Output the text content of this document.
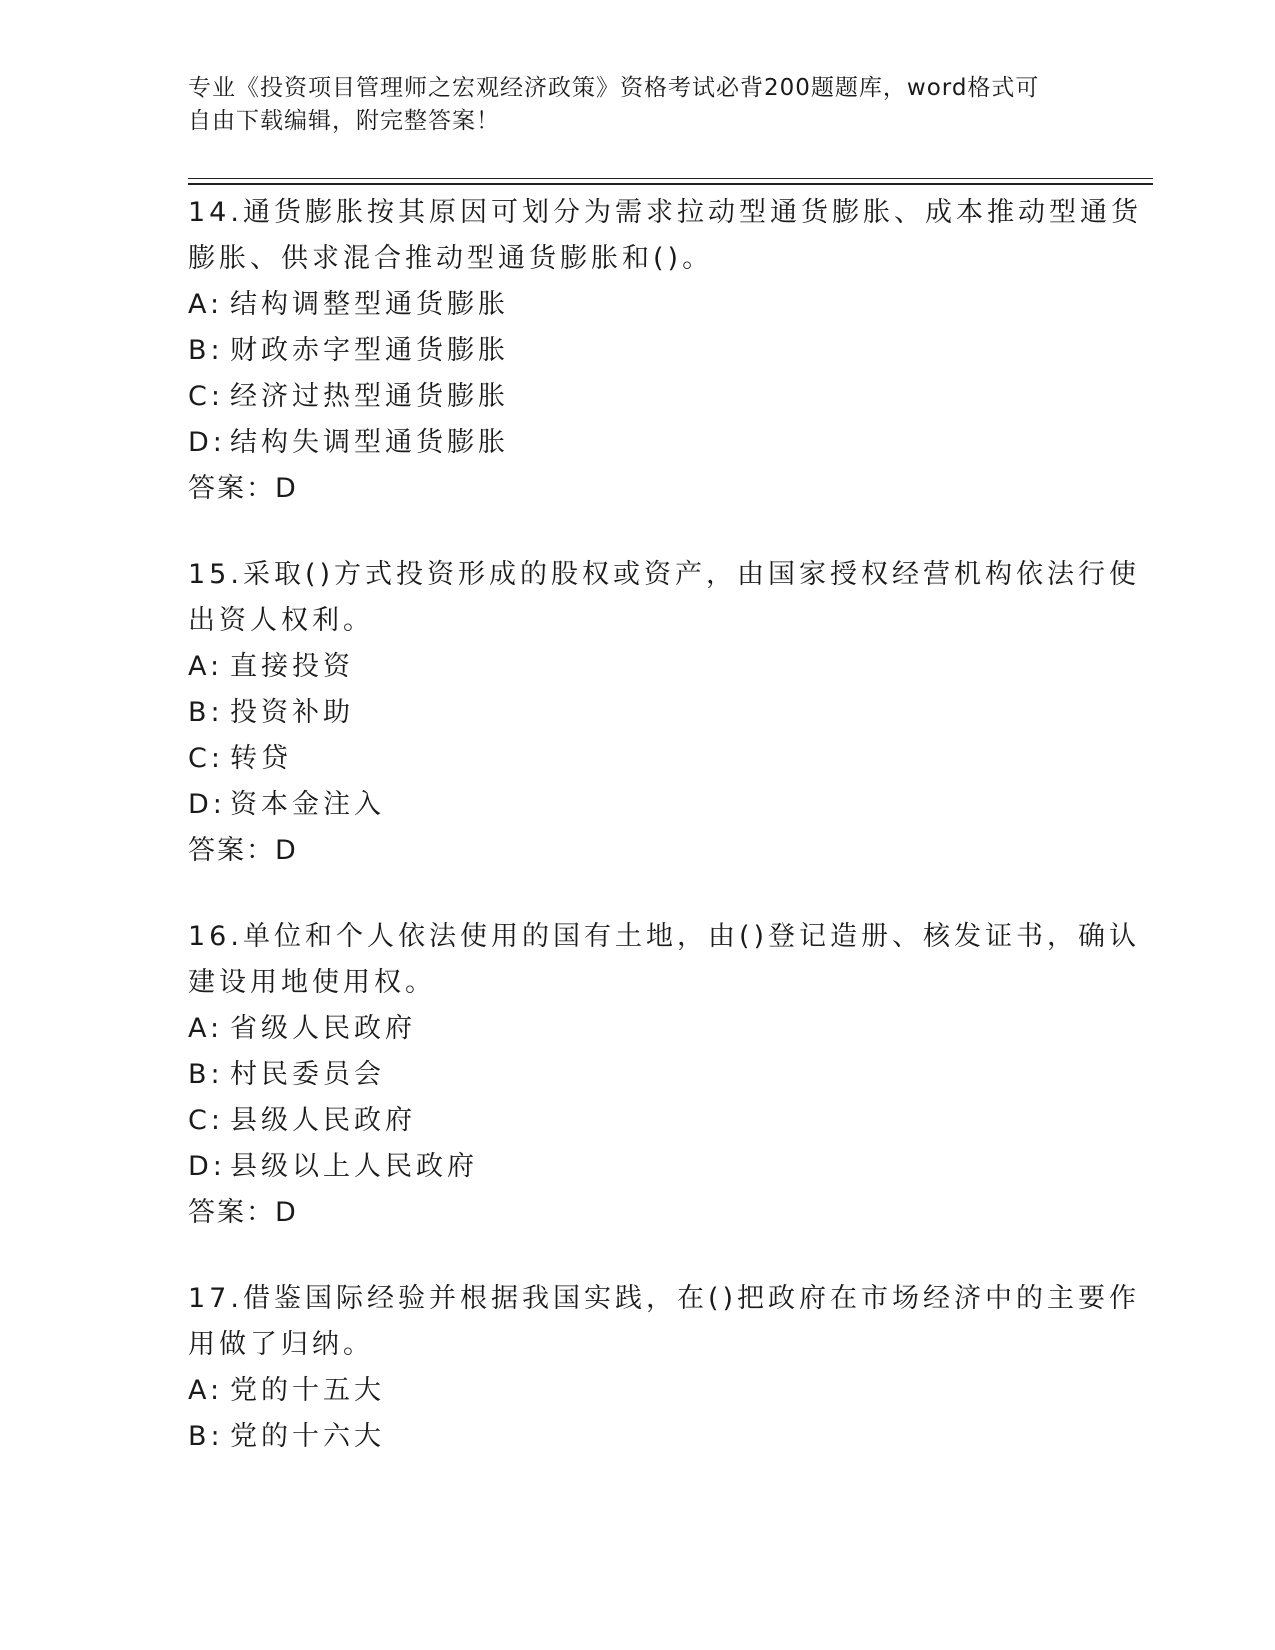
专业《投资项目管理师之宏观经济政策》资格考试必背200题题库，word格式可
自由下载编辑，附完整答案！
14.通货膨胀按其原因可划分为需求拉动型通货膨胀、成本推动型通货
膨胀、供求混合推动型通货膨胀和()。
A: 结构调整型通货膨胀
B: 财政赤字型通货膨胀
C: 经济过热型通货膨胀
D: 结构失调型通货膨胀
答案：D
15.采取()方式投资形成的股权或资产，由国家授权经营机构依法行使
出资人权利。
A: 直接投资
B: 投资补助
C: 转贷
D: 资本金注入
答案：D
16.单位和个人依法使用的国有土地，由()登记造册、核发证书，确认
建设用地使用权。
A: 省级人民政府
B: 村民委员会
C: 县级人民政府
D: 县级以上人民政府
答案：D
17.借鉴国际经验并根据我国实践，在()把政府在市场经济中的主要作
用做了归纳。
A: 党的十五大
B: 党的十六大
